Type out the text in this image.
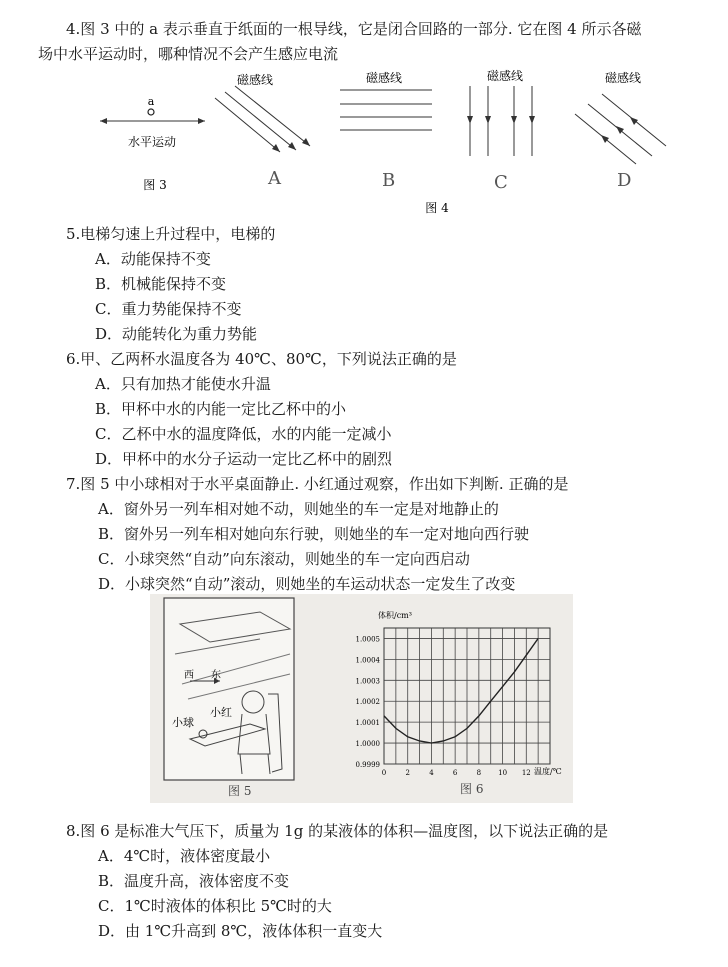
4.图 3 中的 a 表示垂直于纸面的一根导线，它是闭合回路的一部分. 它在图 4 所示各磁
场中水平运动时，哪种情况不会产生感应电流
a
水平运动
图 3
磁感线
A
磁感线
B
磁感线
C
磁感线
D
图 4
5.电梯匀速上升过程中，电梯的
A．动能保持不变
B．机械能保持不变
C．重力势能保持不变
D．动能转化为重力势能
6.甲、乙两杯水温度各为 40℃、80℃，下列说法正确的是
A．只有加热才能使水升温
B．甲杯中水的内能一定比乙杯中的小
C．乙杯中水的温度降低，水的内能一定减小
D．甲杯中的水分子运动一定比乙杯中的剧烈
7.图 5 中小球相对于水平桌面静止. 小红通过观察，作出如下判断. 正确的是
A．窗外另一列车相对她不动，则她坐的车一定是对地静止的
B．窗外另一列车相对她向东行驶，则她坐的车一定对地向西行驶
C．小球突然“自动”向东滚动，则她坐的车一定向西启动
D．小球突然“自动”滚动，则她坐的车运动状态一定发生了改变
西 东
小球
小红
图 5
体积/cm³
温度/℃
0.9999
1.0000
1.0001
1.0002
1.0003
1.0004
1.0005
0	2	4	6	8 10 12
图 6
8.图 6 是标准大气压下，质量为 1g 的某液体的体积—温度图，以下说法正确的是
A．4℃时，液体密度最小
B．温度升高，液体密度不变
C．1℃时液体的体积比 5℃时的大
D．由 1℃升高到 8℃，液体体积一直变大
